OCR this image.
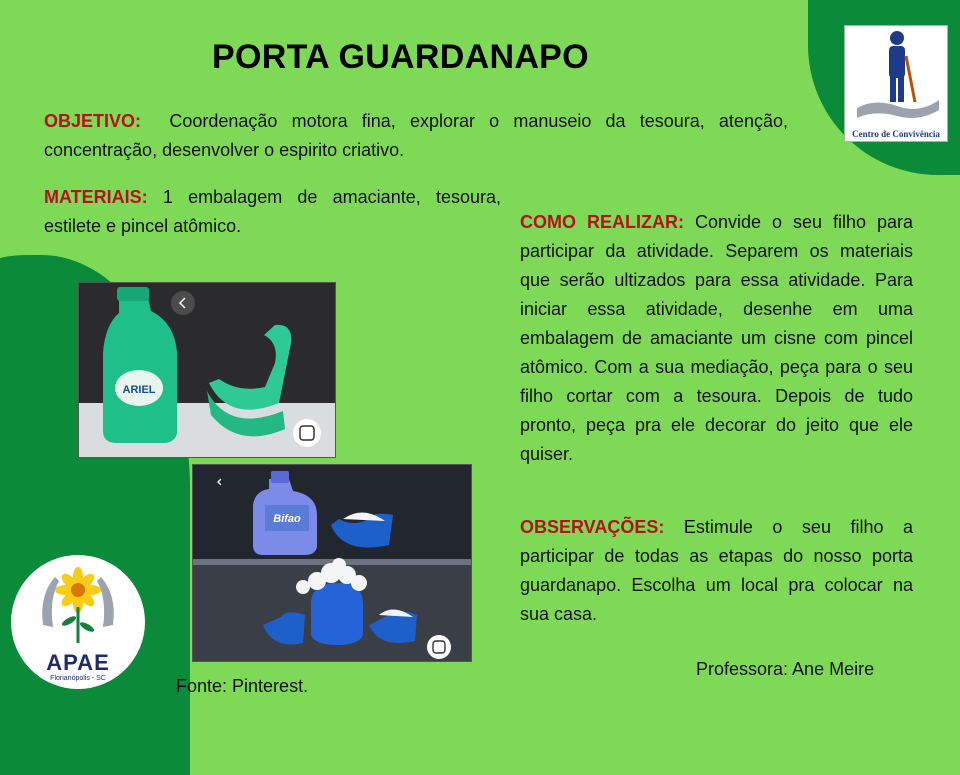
Centro de Convivência
APAE
Florianópolis - SC
PORTA GUARDANAPO

OBJETIVO: Coordenação motora fina, explorar o manuseio da tesoura, atenção, concentração, desenvolver o espirito criativo.

MATERIAIS: 1 embalagem de amaciante, tesoura, estilete e pincel atômico.	COMO REALIZAR: Convide o seu filho para participar da atividade. Separem os materiais que serão ultizados para essa atividade. Para iniciar essa atividade, desenhe em uma embalagem de amaciante um cisne com pincel atômico. Com a sua mediação, peça para o seu filho cortar com a tesoura. Depois de tudo pronto, peça pra ele decorar do jeito que ele quiser.

OBSERVAÇÕES: Estimule o seu filho a participar de todas as etapas do nosso porta guardanapo. Escolha um local pra colocar na sua casa.

Professora: Ane Meire
Fonte: Pinterest.
ARIEL
Bifao
